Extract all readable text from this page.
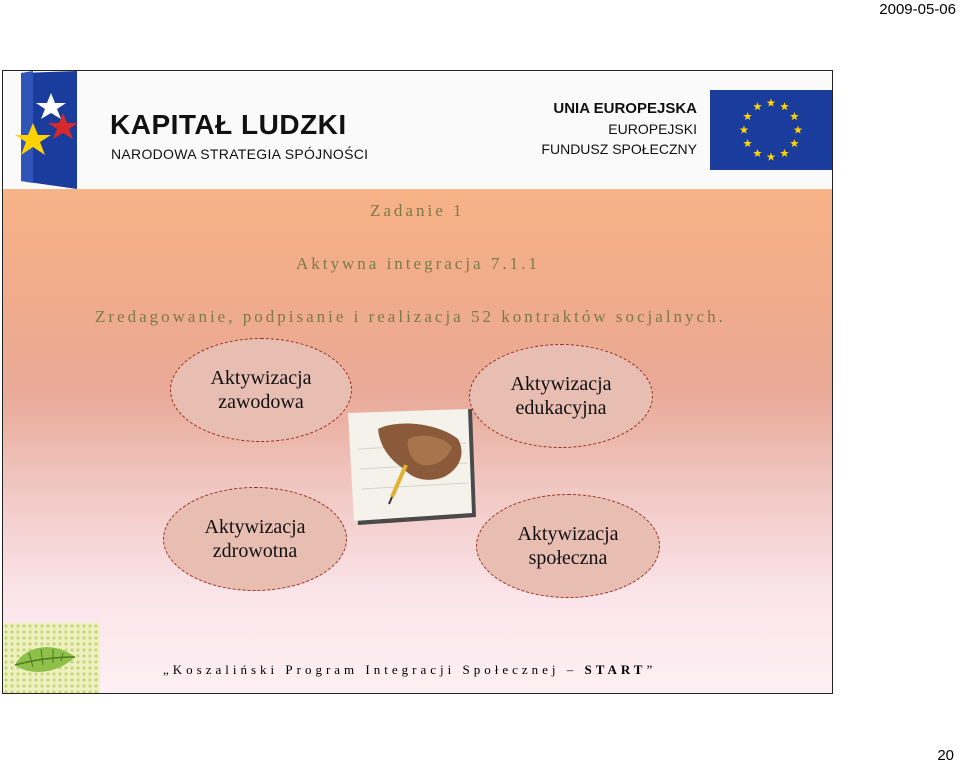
2009-05-06
KAPITAŁ LUDZKI
NARODOWA STRATEGIA SPÓJNOŚCI
UNIA EUROPEJSKA
EUROPEJSKI
FUNDUSZ SPOŁECZNY
Zadanie 1
Aktywna integracja 7.1.1
Zredagowanie, podpisanie i realizacja 52 kontraktów socjalnych.
Aktywizacja
zawodowa
Aktywizacja
edukacyjna
Aktywizacja
zdrowotna
Aktywizacja
społeczna
„Koszaliński Program Integracji Społecznej – START”
20
